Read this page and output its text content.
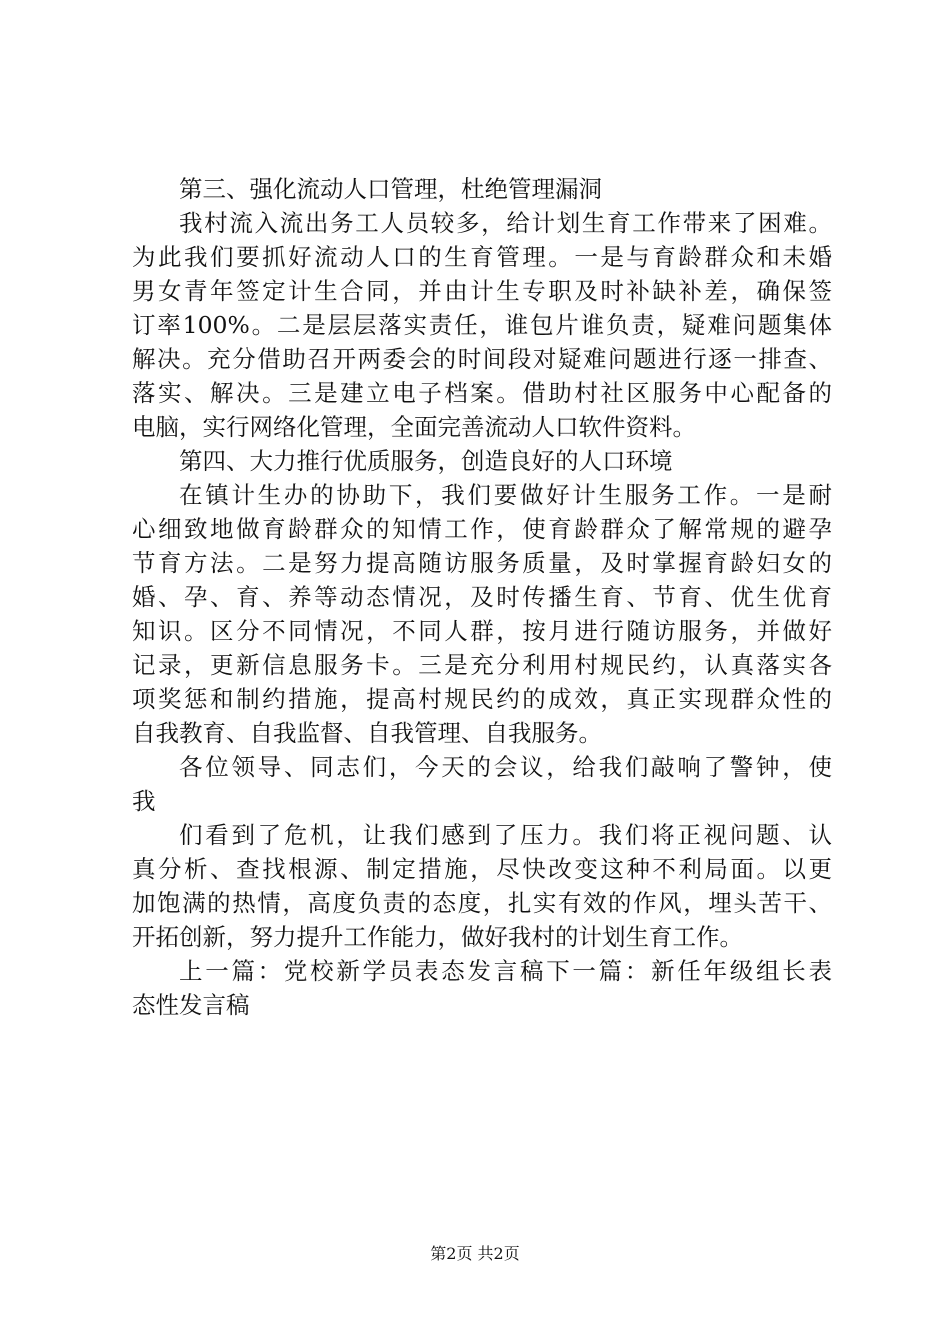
第三、强化流动人口管理，杜绝管理漏洞
我村流入流出务工人员较多，给计划生育工作带来了困难。
为此我们要抓好流动人口的生育管理。一是与育龄群众和未婚
男女青年签定计生合同，并由计生专职及时补缺补差，确保签
订率100%。二是层层落实责任，谁包片谁负责，疑难问题集体
解决。充分借助召开两委会的时间段对疑难问题进行逐一排查、
落实、解决。三是建立电子档案。借助村社区服务中心配备的
电脑，实行网络化管理，全面完善流动人口软件资料。
第四、大力推行优质服务，创造良好的人口环境
在镇计生办的协助下，我们要做好计生服务工作。一是耐
心细致地做育龄群众的知情工作，使育龄群众了解常规的避孕
节育方法。二是努力提高随访服务质量，及时掌握育龄妇女的
婚、孕、育、养等动态情况，及时传播生育、节育、优生优育
知识。区分不同情况，不同人群，按月进行随访服务，并做好
记录，更新信息服务卡。三是充分利用村规民约，认真落实各
项奖惩和制约措施，提高村规民约的成效，真正实现群众性的
自我教育、自我监督、自我管理、自我服务。
各位领导、同志们，今天的会议，给我们敲响了警钟，使
我
们看到了危机，让我们感到了压力。我们将正视问题、认
真分析、查找根源、制定措施，尽快改变这种不利局面。以更
加饱满的热情，高度负责的态度，扎实有效的作风，埋头苦干、
开拓创新，努力提升工作能力，做好我村的计划生育工作。
上一篇：党校新学员表态发言稿下一篇：新任年级组长表
态性发言稿
第2页 共2页
